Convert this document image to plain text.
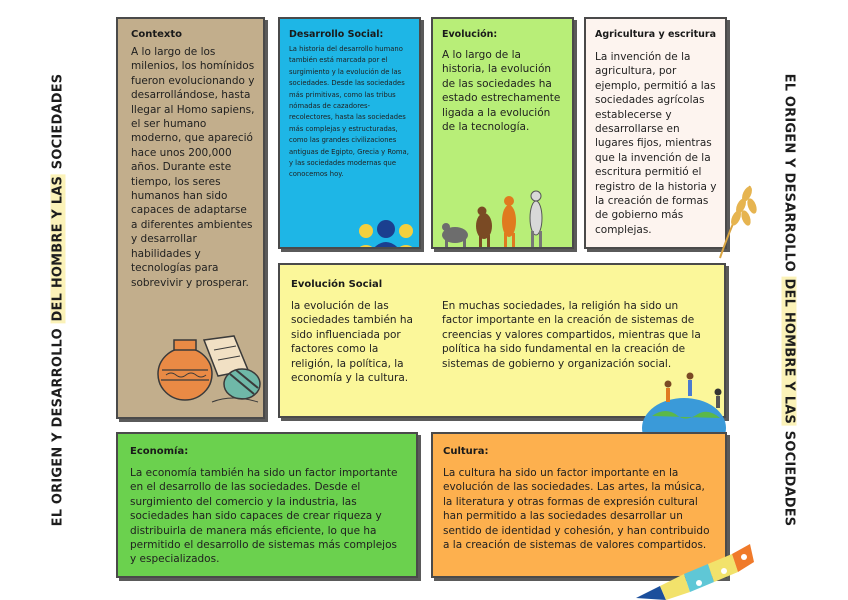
EL ORIGEN Y DESARROLLO DEL HOMBRE Y LAS SOCIEDADES	EL ORIGEN Y DESARROLLO DEL HOMBRE Y LAS SOCIEDADES
Contexto

A lo largo de los milenios, los homínidos fueron evolucionando y desarrollándose, hasta llegar al Homo sapiens, el ser humano moderno, que apareció hace unos 200,000 años. Durante este tiempo, los seres humanos han sido capaces de adaptarse a diferentes ambientes y desarrollar habilidades y tecnologías para sobrevivir y prosperar.

Desarrollo Social:

La historia del desarrollo humano también está marcada por el surgimiento y la evolución de las sociedades. Desde las sociedades más primitivas, como las tribus nómadas de cazadores-recolectores, hasta las sociedades más complejas y estructuradas, como las grandes civilizaciones antiguas de Egipto, Grecia y Roma, y las sociedades modernas que conocemos hoy.

Evolución:

A lo largo de la historia, la evolución de las sociedades ha estado estrechamente ligada a la evolución de la tecnología.

Agricultura y escritura

La invención de la agricultura, por ejemplo, permitió a las sociedades agrícolas establecerse y desarrollarse en lugares fijos, mientras que la invención de la escritura permitió el registro de la historia y la creación de formas de gobierno más complejas.

Evolución Social

la evolución de las sociedades también ha sido influenciada por factores como la religión, la política, la economía y la cultura.

En muchas sociedades, la religión ha sido un factor importante en la creación de sistemas de creencias y valores compartidos, mientras que la política ha sido fundamental en la creación de sistemas de gobierno y organización social.

Economía:

La economía también ha sido un factor importante en el desarrollo de las sociedades. Desde el surgimiento del comercio y la industria, las sociedades han sido capaces de crear riqueza y distribuirla de manera más eficiente, lo que ha permitido el desarrollo de sistemas más complejos y especializados.

Cultura:

La cultura ha sido un factor importante en la evolución de las sociedades. Las artes, la música, la literatura y otras formas de expresión cultural han permitido a las sociedades desarrollar un sentido de identidad y cohesión, y han contribuido a la creación de sistemas de valores compartidos.
